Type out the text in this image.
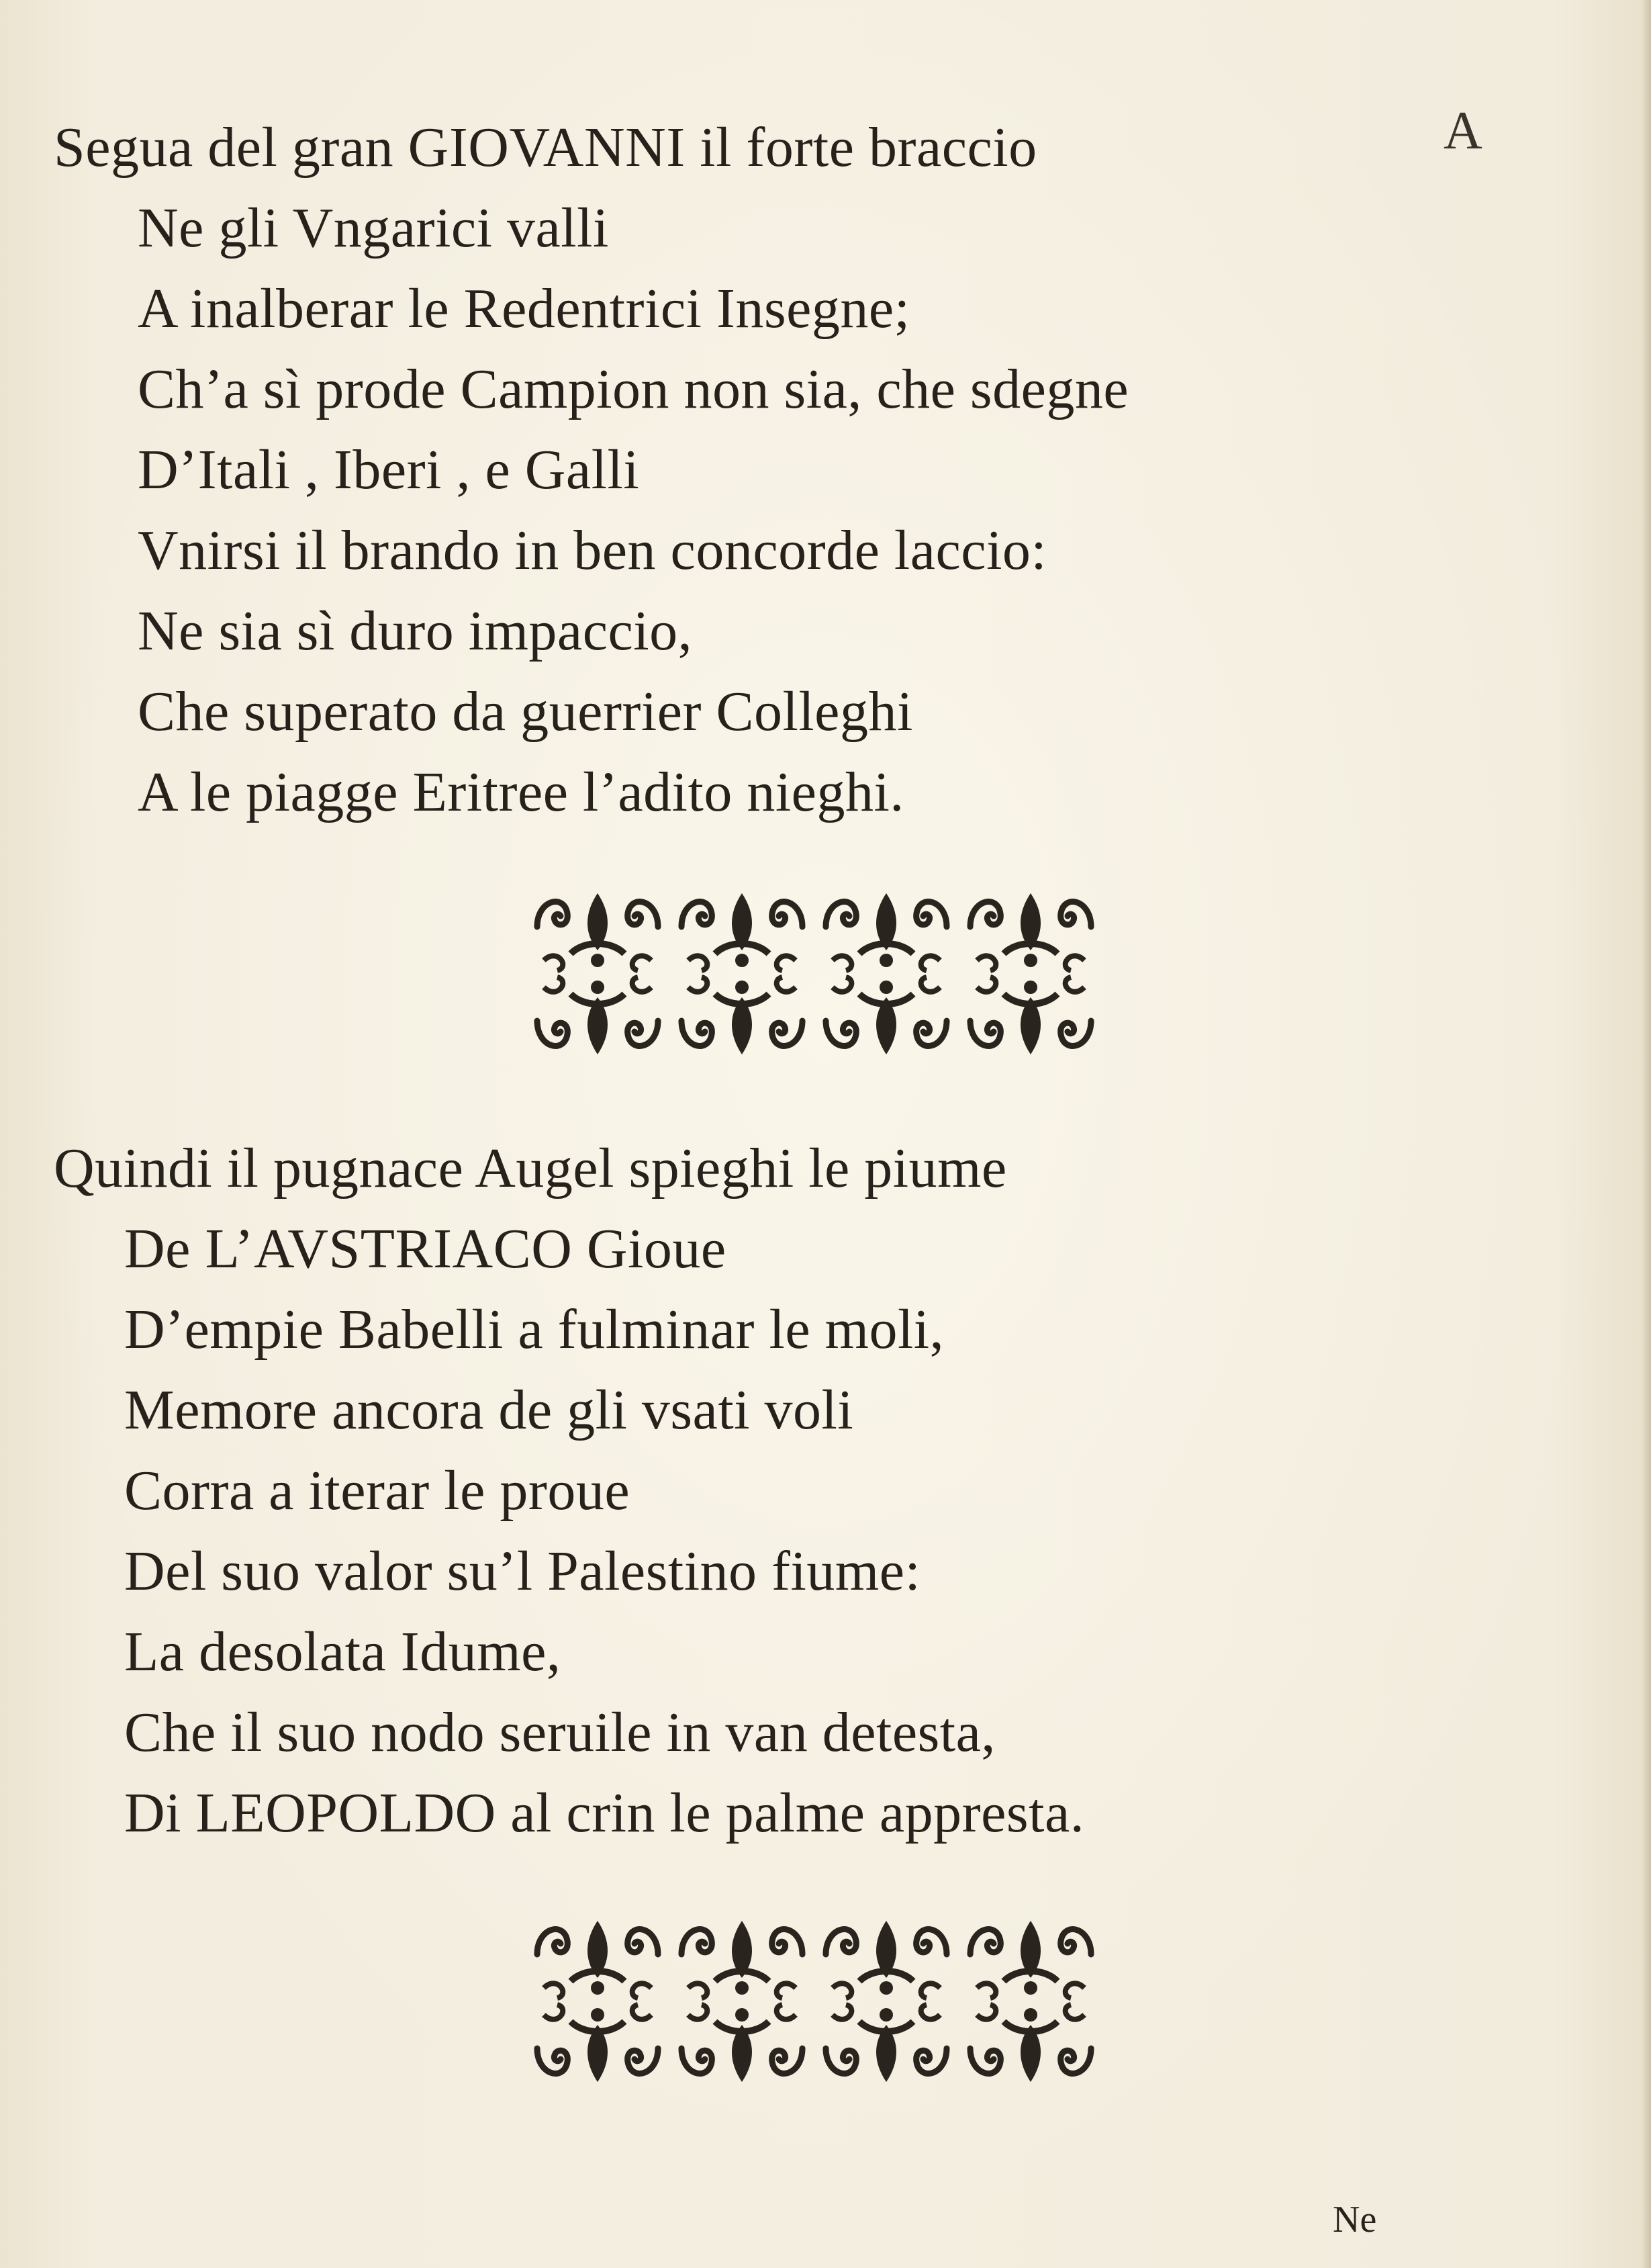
A
Segua del gran GIOVANNI il forte braccio
Ne gli Vngarici valli
A inalberar le Redentrici Insegne;
Ch’a sì prode Campion non sia, che sdegne
D’Itali , Iberi , e Galli
Vnirsi il brando in ben concorde laccio:
Ne sia sì duro impaccio,
Che superato da guerrier Colleghi
A le piagge Eritree l’adito nieghi.
Quindi il pugnace Augel spieghi le piume
De L’AVSTRIACO Gioue
D’empie Babelli a fulminar le moli,
Memore ancora de gli vsati voli
Corra a iterar le proue
Del suo valor su’l Palestino fiume:
La desolata Idume,
Che il suo nodo seruile in van detesta,
Di LEOPOLDO al crin le palme appresta.
Ne
